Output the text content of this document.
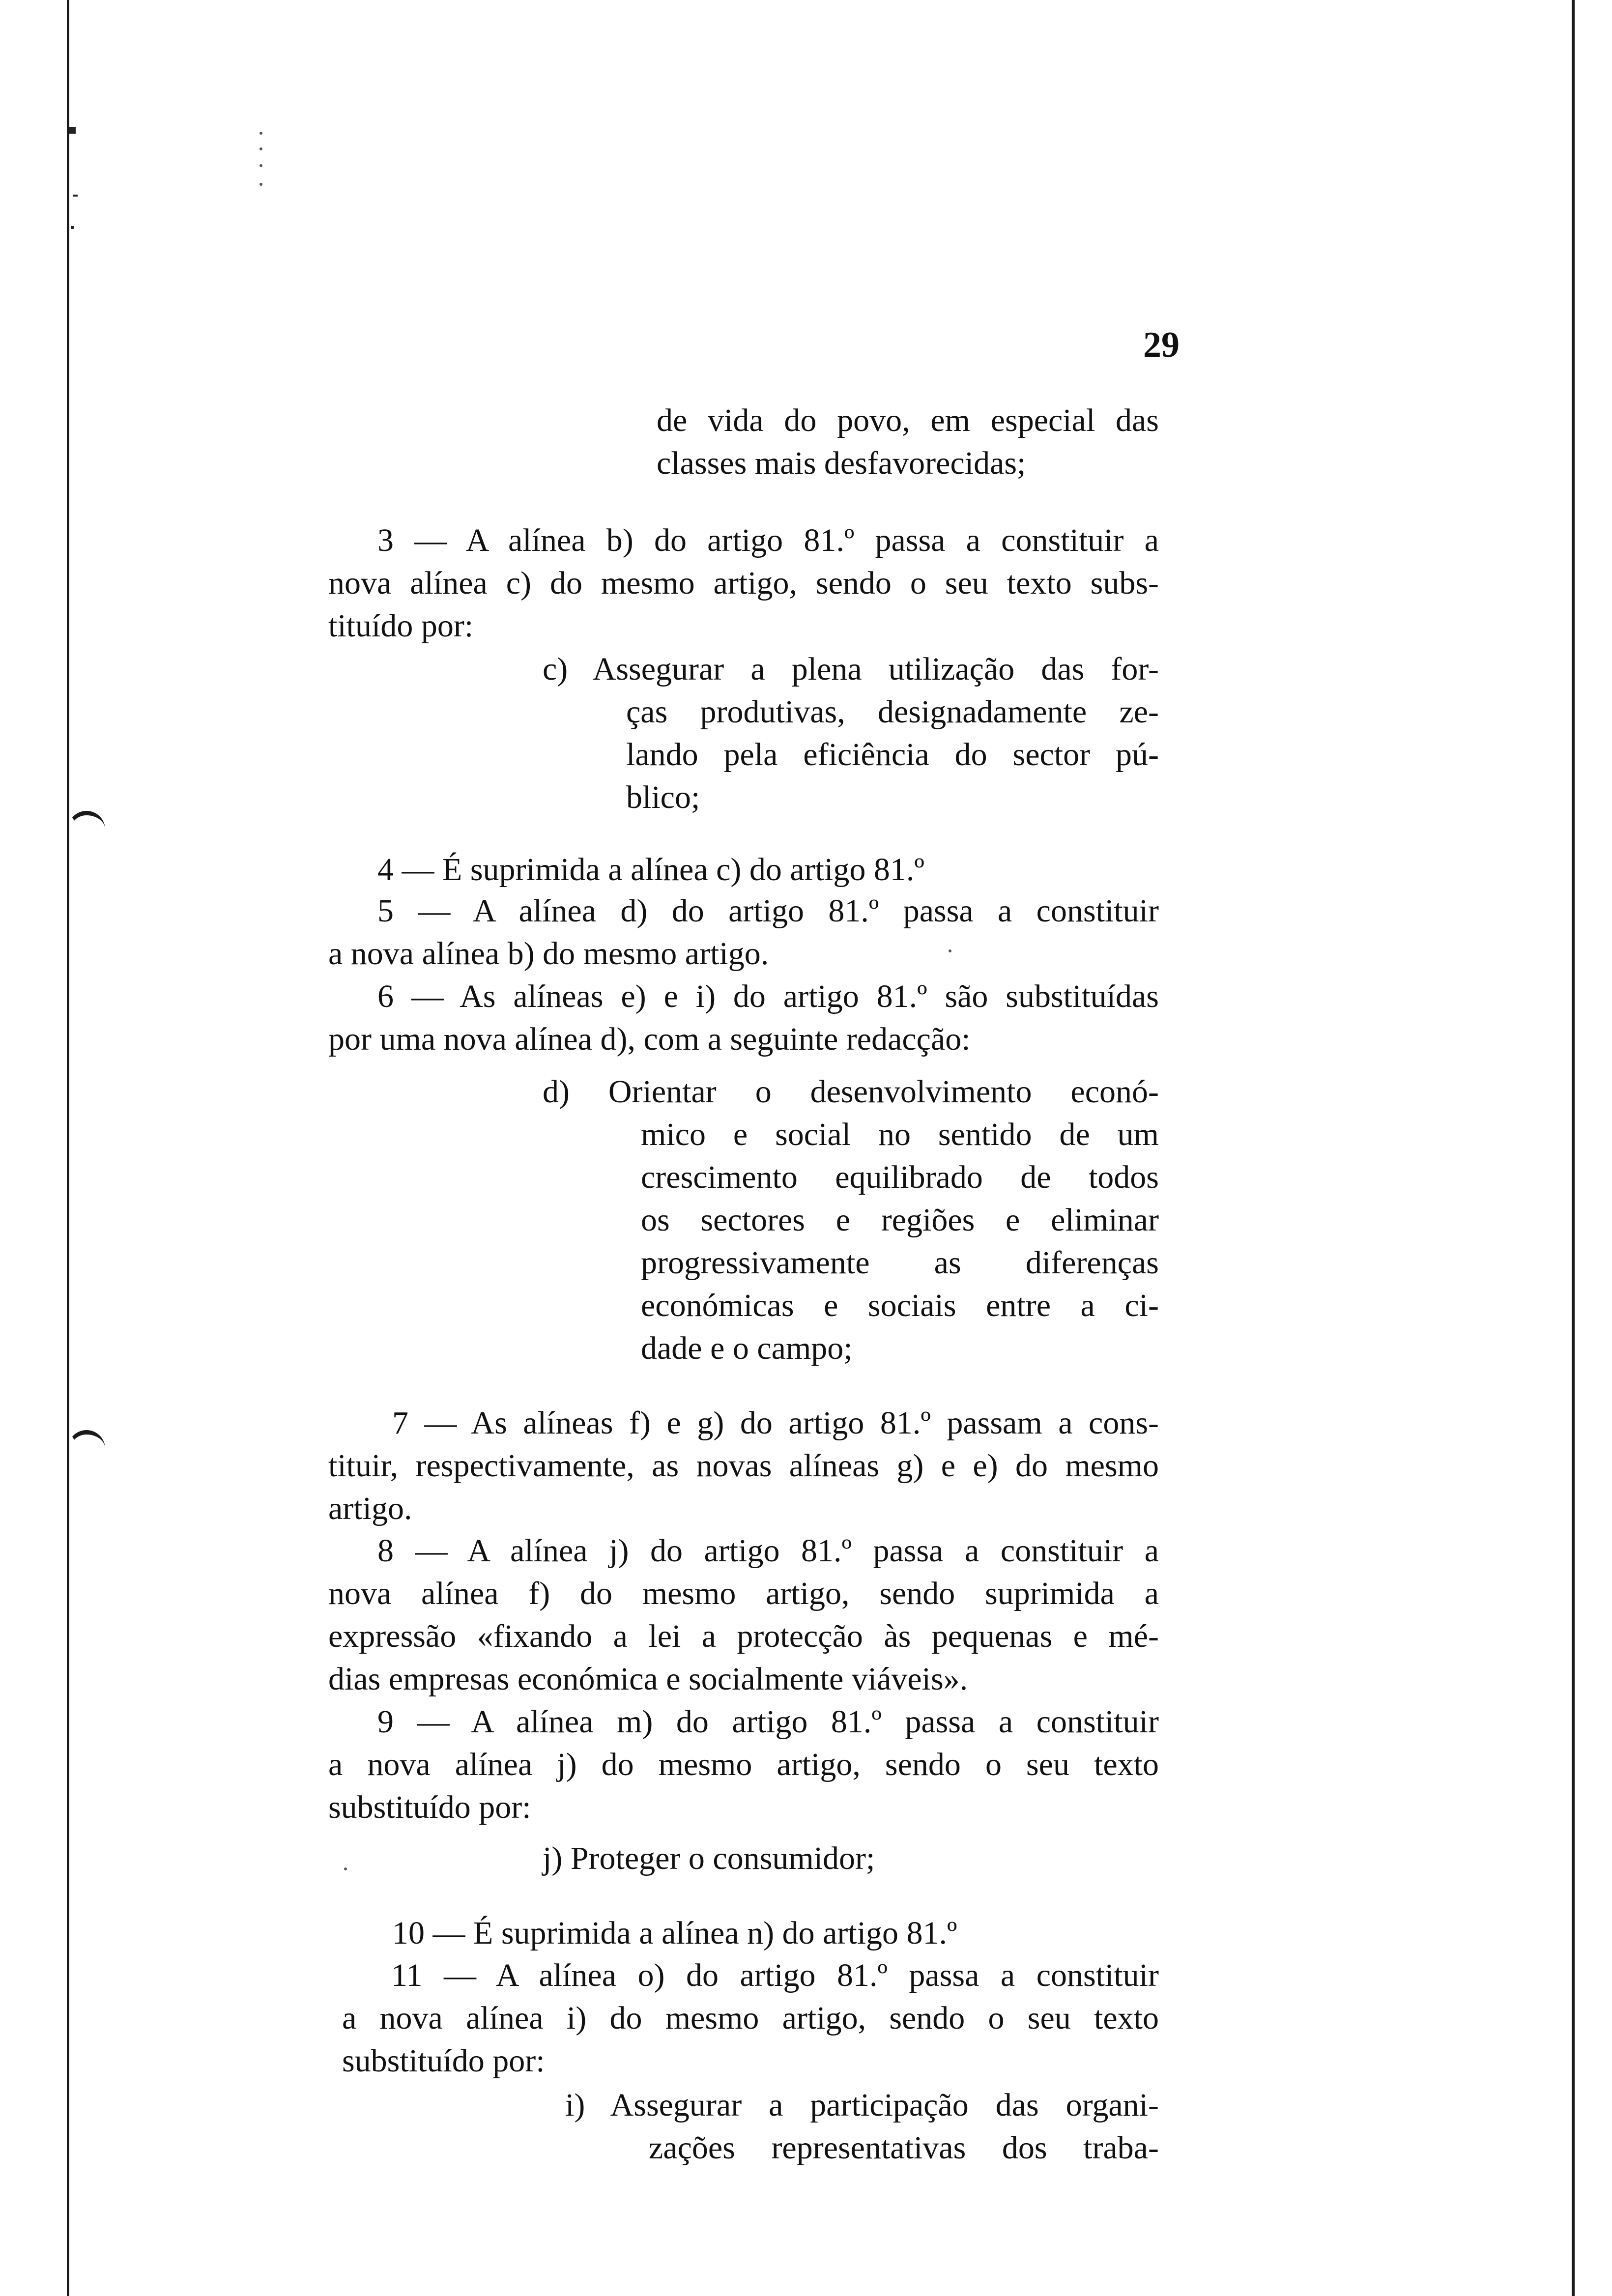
29
de vida do povo, em especial das
classes mais desfavorecidas;
3 — A alínea b) do artigo 81.º passa a constituir a
nova alínea c) do mesmo artigo, sendo o seu texto subs-
tituído por:
c) Assegurar a plena utilização das for-
ças produtivas, designadamente ze-
lando pela eficiência do sector pú-
blico;
4 — É suprimida a alínea c) do artigo 81.º
5 — A alínea d) do artigo 81.º passa a constituir
a nova alínea b) do mesmo artigo.
6 — As alíneas e) e i) do artigo 81.º são substituídas
por uma nova alínea d), com a seguinte redacção:
d) Orientar o desenvolvimento econó-
mico e social no sentido de um
crescimento equilibrado de todos
os sectores e regiões e eliminar
progressivamente as diferenças
económicas e sociais entre a ci-
dade e o campo;
7 — As alíneas f) e g) do artigo 81.º passam a cons-
tituir, respectivamente, as novas alíneas g) e e) do mesmo
artigo.
8 — A alínea j) do artigo 81.º passa a constituir a
nova alínea f) do mesmo artigo, sendo suprimida a
expressão «fixando a lei a protecção às pequenas e mé-
dias empresas económica e socialmente viáveis».
9 — A alínea m) do artigo 81.º passa a constituir
a nova alínea j) do mesmo artigo, sendo o seu texto
substituído por:
j) Proteger o consumidor;
10 — É suprimida a alínea n) do artigo 81.º
11 — A alínea o) do artigo 81.º passa a constituir
a nova alínea i) do mesmo artigo, sendo o seu texto
substituído por:
i) Assegurar a participação das organi-
zações representativas dos traba-
